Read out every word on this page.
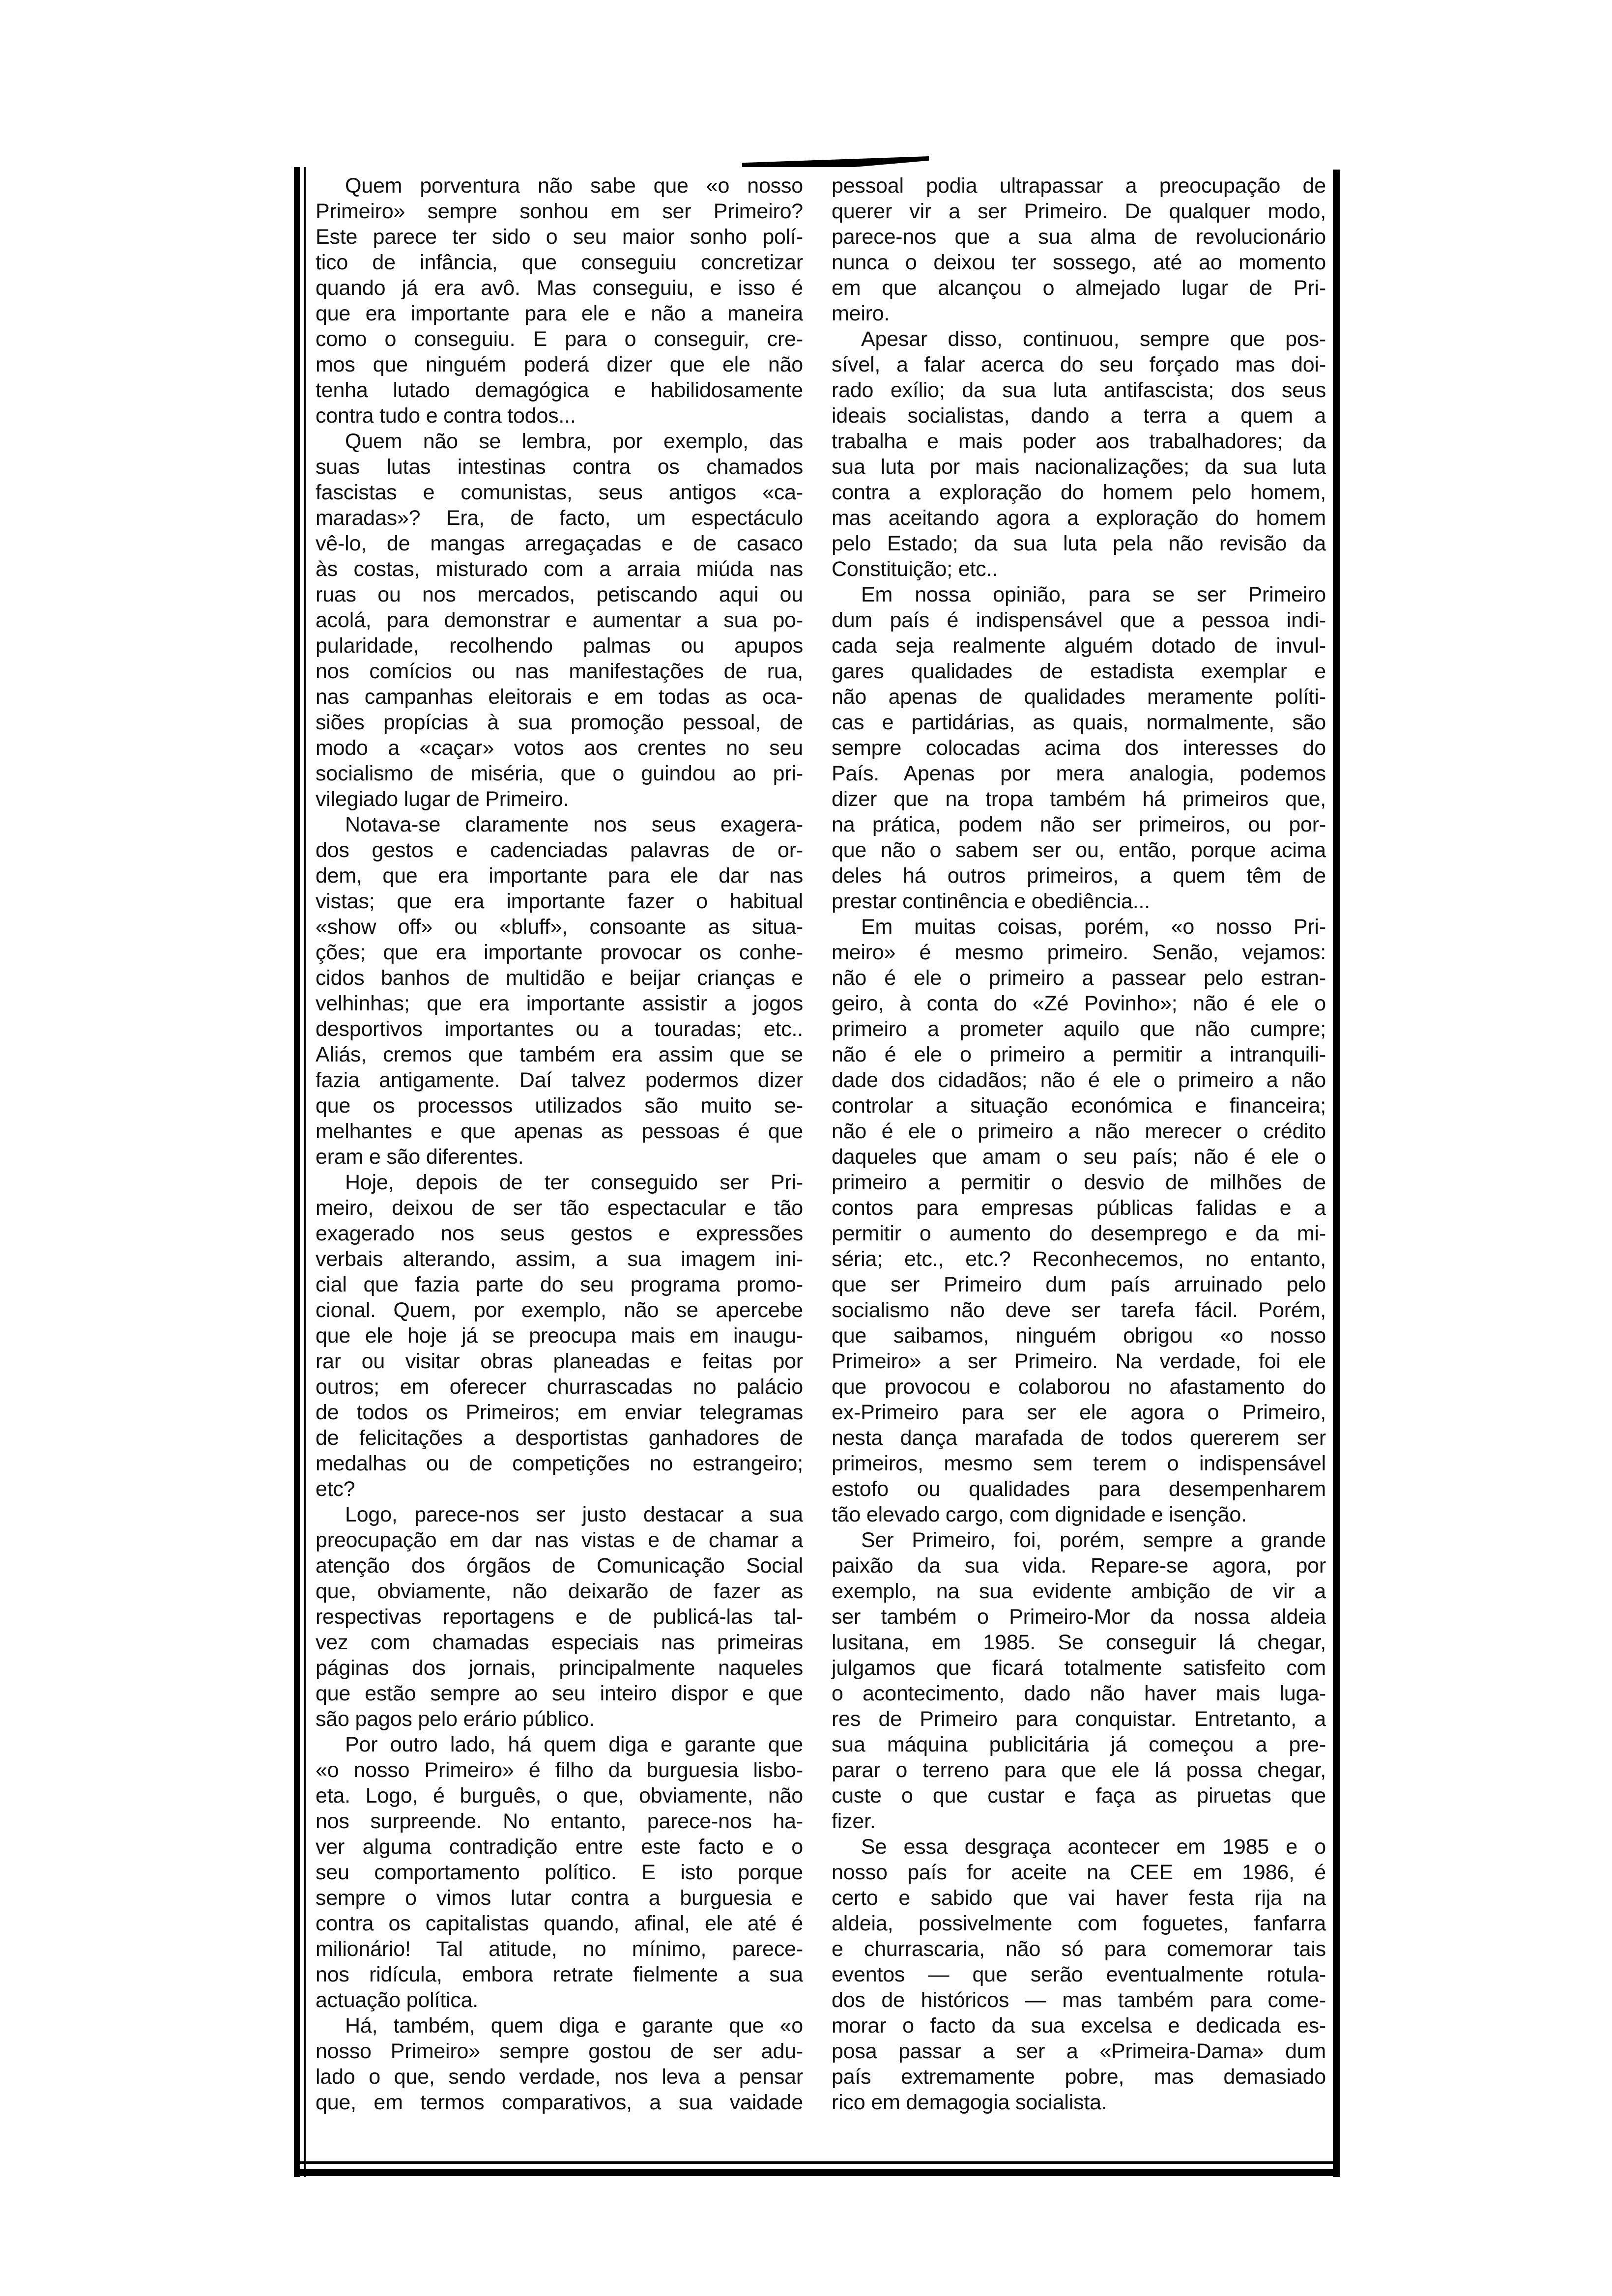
Quem porventura não sabe que «o nosso
Primeiro» sempre sonhou em ser Primeiro?
Este parece ter sido o seu maior sonho polí-
tico de infância, que conseguiu concretizar
quando já era avô. Mas conseguiu, e isso é
que era importante para ele e não a maneira
como o conseguiu. E para o conseguir, cre-
mos que ninguém poderá dizer que ele não
tenha lutado demagógica e habilidosamente
contra tudo e contra todos...
Quem não se lembra, por exemplo, das
suas lutas intestinas contra os chamados
fascistas e comunistas, seus antigos «ca-
maradas»? Era, de facto, um espectáculo
vê-lo, de mangas arregaçadas e de casaco
às costas, misturado com a arraia miúda nas
ruas ou nos mercados, petiscando aqui ou
acolá, para demonstrar e aumentar a sua po-
pularidade, recolhendo palmas ou apupos
nos comícios ou nas manifestações de rua,
nas campanhas eleitorais e em todas as oca-
siões propícias à sua promoção pessoal, de
modo a «caçar» votos aos crentes no seu
socialismo de miséria, que o guindou ao pri-
vilegiado lugar de Primeiro.
Notava-se claramente nos seus exagera-
dos gestos e cadenciadas palavras de or-
dem, que era importante para ele dar nas
vistas; que era importante fazer o habitual
«show off» ou «bluff», consoante as situa-
ções; que era importante provocar os conhe-
cidos banhos de multidão e beijar crianças e
velhinhas; que era importante assistir a jogos
desportivos importantes ou a touradas; etc..
Aliás, cremos que também era assim que se
fazia antigamente. Daí talvez podermos dizer
que os processos utilizados são muito se-
melhantes e que apenas as pessoas é que
eram e são diferentes.
Hoje, depois de ter conseguido ser Pri-
meiro, deixou de ser tão espectacular e tão
exagerado nos seus gestos e expressões
verbais alterando, assim, a sua imagem ini-
cial que fazia parte do seu programa promo-
cional. Quem, por exemplo, não se apercebe
que ele hoje já se preocupa mais em inaugu-
rar ou visitar obras planeadas e feitas por
outros; em oferecer churrascadas no palácio
de todos os Primeiros; em enviar telegramas
de felicitações a desportistas ganhadores de
medalhas ou de competições no estrangeiro;
etc?
Logo, parece-nos ser justo destacar a sua
preocupação em dar nas vistas e de chamar a
atenção dos órgãos de Comunicação Social
que, obviamente, não deixarão de fazer as
respectivas reportagens e de publicá-las tal-
vez com chamadas especiais nas primeiras
páginas dos jornais, principalmente naqueles
que estão sempre ao seu inteiro dispor e que
são pagos pelo erário público.
Por outro lado, há quem diga e garante que
«o nosso Primeiro» é filho da burguesia lisbo-
eta. Logo, é burguês, o que, obviamente, não
nos surpreende. No entanto, parece-nos ha-
ver alguma contradição entre este facto e o
seu comportamento político. E isto porque
sempre o vimos lutar contra a burguesia e
contra os capitalistas quando, afinal, ele até é
milionário! Tal atitude, no mínimo, parece-
nos ridícula, embora retrate fielmente a sua
actuação política.
Há, também, quem diga e garante que «o
nosso Primeiro» sempre gostou de ser adu-
lado o que, sendo verdade, nos leva a pensar
que, em termos comparativos, a sua vaidade
pessoal podia ultrapassar a preocupação de
querer vir a ser Primeiro. De qualquer modo,
parece-nos que a sua alma de revolucionário
nunca o deixou ter sossego, até ao momento
em que alcançou o almejado lugar de Pri-
meiro.
Apesar disso, continuou, sempre que pos-
sível, a falar acerca do seu forçado mas doi-
rado exílio; da sua luta antifascista; dos seus
ideais socialistas, dando a terra a quem a
trabalha e mais poder aos trabalhadores; da
sua luta por mais nacionalizações; da sua luta
contra a exploração do homem pelo homem,
mas aceitando agora a exploração do homem
pelo Estado; da sua luta pela não revisão da
Constituição; etc..
Em nossa opinião, para se ser Primeiro
dum país é indispensável que a pessoa indi-
cada seja realmente alguém dotado de invul-
gares qualidades de estadista exemplar e
não apenas de qualidades meramente políti-
cas e partidárias, as quais, normalmente, são
sempre colocadas acima dos interesses do
País. Apenas por mera analogia, podemos
dizer que na tropa também há primeiros que,
na prática, podem não ser primeiros, ou por-
que não o sabem ser ou, então, porque acima
deles há outros primeiros, a quem têm de
prestar continência e obediência...
Em muitas coisas, porém, «o nosso Pri-
meiro» é mesmo primeiro. Senão, vejamos:
não é ele o primeiro a passear pelo estran-
geiro, à conta do «Zé Povinho»; não é ele o
primeiro a prometer aquilo que não cumpre;
não é ele o primeiro a permitir a intranquili-
dade dos cidadãos; não é ele o primeiro a não
controlar a situação económica e financeira;
não é ele o primeiro a não merecer o crédito
daqueles que amam o seu país; não é ele o
primeiro a permitir o desvio de milhões de
contos para empresas públicas falidas e a
permitir o aumento do desemprego e da mi-
séria; etc., etc.? Reconhecemos, no entanto,
que ser Primeiro dum país arruinado pelo
socialismo não deve ser tarefa fácil. Porém,
que saibamos, ninguém obrigou «o nosso
Primeiro» a ser Primeiro. Na verdade, foi ele
que provocou e colaborou no afastamento do
ex-Primeiro para ser ele agora o Primeiro,
nesta dança marafada de todos quererem ser
primeiros, mesmo sem terem o indispensável
estofo ou qualidades para desempenharem
tão elevado cargo, com dignidade e isenção.
Ser Primeiro, foi, porém, sempre a grande
paixão da sua vida. Repare-se agora, por
exemplo, na sua evidente ambição de vir a
ser também o Primeiro-Mor da nossa aldeia
lusitana, em 1985. Se conseguir lá chegar,
julgamos que ficará totalmente satisfeito com
o acontecimento, dado não haver mais luga-
res de Primeiro para conquistar. Entretanto, a
sua máquina publicitária já começou a pre-
parar o terreno para que ele lá possa chegar,
custe o que custar e faça as piruetas que
fizer.
Se essa desgraça acontecer em 1985 e o
nosso país for aceite na CEE em 1986, é
certo e sabido que vai haver festa rija na
aldeia, possivelmente com foguetes, fanfarra
e churrascaria, não só para comemorar tais
eventos — que serão eventualmente rotula-
dos de históricos — mas também para come-
morar o facto da sua excelsa e dedicada es-
posa passar a ser a «Primeira-Dama» dum
país extremamente pobre, mas demasiado
rico em demagogia socialista.
